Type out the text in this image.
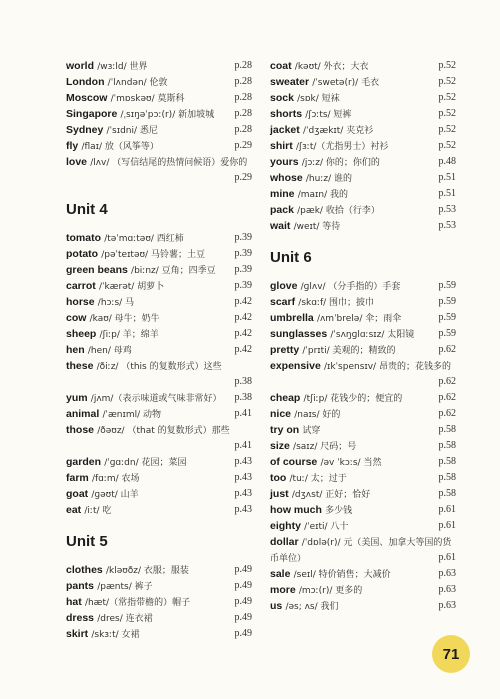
world /wɜːld/ 世界	p.28
London /ˈlʌndən/ 伦敦	p.28
Moscow /ˈmɒskəʊ/ 莫斯科	p.28
Singapore /ˌsɪŋəˈpɔː(r)/ 新加坡城 p.28
Sydney /ˈsɪdni/ 悉尼	p.28
fly /flaɪ/ 放（风筝等）	p.29
love /lʌv/ （写信结尾的热情问候语）爱你的
p.29
Unit 4
tomato /təˈmɑːtəʊ/ 西红柿	p.39
potato /pəˈteɪtəʊ/ 马铃薯；土豆	p.39
green beans /biːnz/ 豆角；四季豆 p.39
carrot /ˈkærət/ 胡萝卜	p.39
horse /hɔːs/ 马	p.42
cow /kaʊ/ 母牛；奶牛	p.42
sheep /ʃiːp/ 羊；绵羊	p.42
hen /hen/ 母鸡	p.42
these /ðiːz/ （this 的复数形式）这些
p.38
yum /jʌm/（表示味道或气味非常好） p.38
animal /ˈænɪml/ 动物	p.41
those /ðəʊz/ （that 的复数形式）那些
p.41
garden /ˈɡɑːdn/ 花园；菜园	p.43
farm /fɑːm/ 农场	p.43
goat /ɡəʊt/ 山羊	p.43
eat /iːt/ 吃	p.43
Unit 5
clothes /kləʊðz/ 衣服；服装	p.49
pants /pænts/ 裤子	p.49
hat /hæt/（常指带檐的）帽子	p.49
dress /dres/ 连衣裙	p.49
skirt /skɜːt/ 女裙	p.49
coat /kəʊt/ 外衣；大衣	p.52
sweater /ˈswetə(r)/ 毛衣	p.52
sock /sɒk/ 短袜	p.52
shorts /ʃɔːts/ 短裤	p.52
jacket /ˈdʒækɪt/ 夹克衫	p.52
shirt /ʃɜːt/（尤指男士）衬衫	p.52
yours /jɔːz/ 你的；你们的	p.48
whose /huːz/ 谁的	p.51
mine /maɪn/ 我的	p.51
pack /pæk/ 收拾（行李）	p.53
wait /weɪt/ 等待	p.53
Unit 6
glove /ɡlʌv/ （分手指的）手套	p.59
scarf /skɑːf/ 围巾；披巾	p.59
umbrella /ʌmˈbrelə/ 伞；雨伞	p.59
sunglasses /ˈsʌŋɡlɑːsɪz/ 太阳镜 p.59
pretty /ˈprɪti/ 美观的；精致的	p.62
expensive /ɪkˈspensɪv/ 昂贵的；花钱多的
p.62
cheap /tʃiːp/ 花钱少的；便宜的	p.62
nice /naɪs/ 好的	p.62
try on 试穿	p.58
size /saɪz/ 尺码；号	p.58
of course /əv ˈkɔːs/ 当然	p.58
too /tuː/ 太；过于	p.58
just /dʒʌst/ 正好；恰好	p.58
how much 多少钱	p.61
eighty /ˈeɪti/ 八十	p.61
dollar /ˈdɒlə(r)/ 元（美国、加拿大等国的货币单位）	p.61
sale /seɪl/ 特价销售；大减价	p.63
more /mɔː(r)/ 更多的	p.63
us /əs; ʌs/ 我们	p.63
71
